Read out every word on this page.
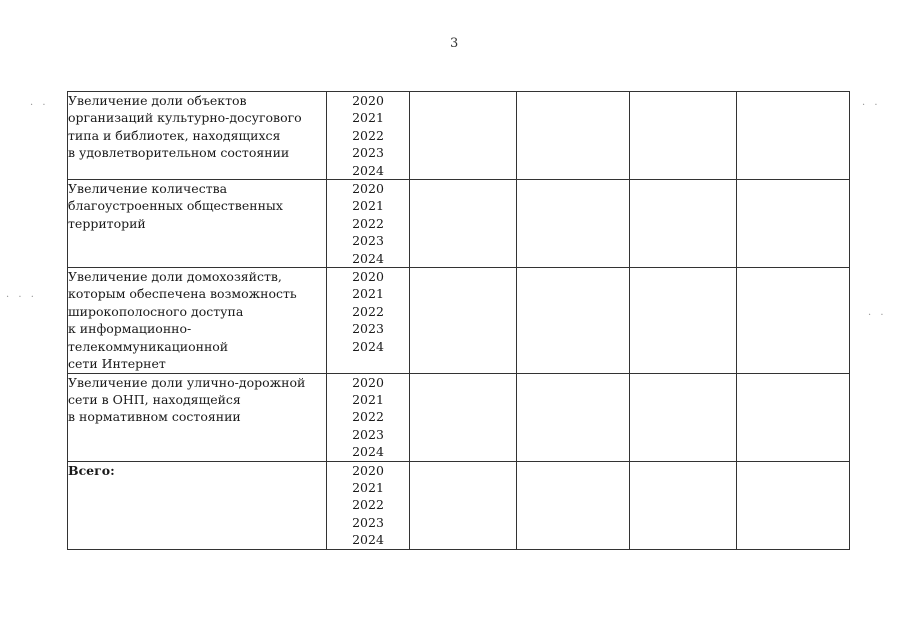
3
Увеличение доли объектов
организаций культурно-досугового
типа и библиотек, находящихся
в удовлетворительном состоянии	2020
2021
2022
2023
2024				

Увеличение количества
благоустроенных общественных
территорий	2020
2021
2022
2023
2024				

Увеличение доли домохозяйств,
которым обеспечена возможность
широкополосного доступа
к информационно-телекоммуникационной
сети Интернет	2020
2021
2022
2023
2024				

Увеличение доли улично-дорожной
сети в ОНП, находящейся
в нормативном состоянии	2020
2021
2022
2023
2024				

Всего:	2020
2021
2022
2023
2024				

· ·	· ·
· · ·
· ·
